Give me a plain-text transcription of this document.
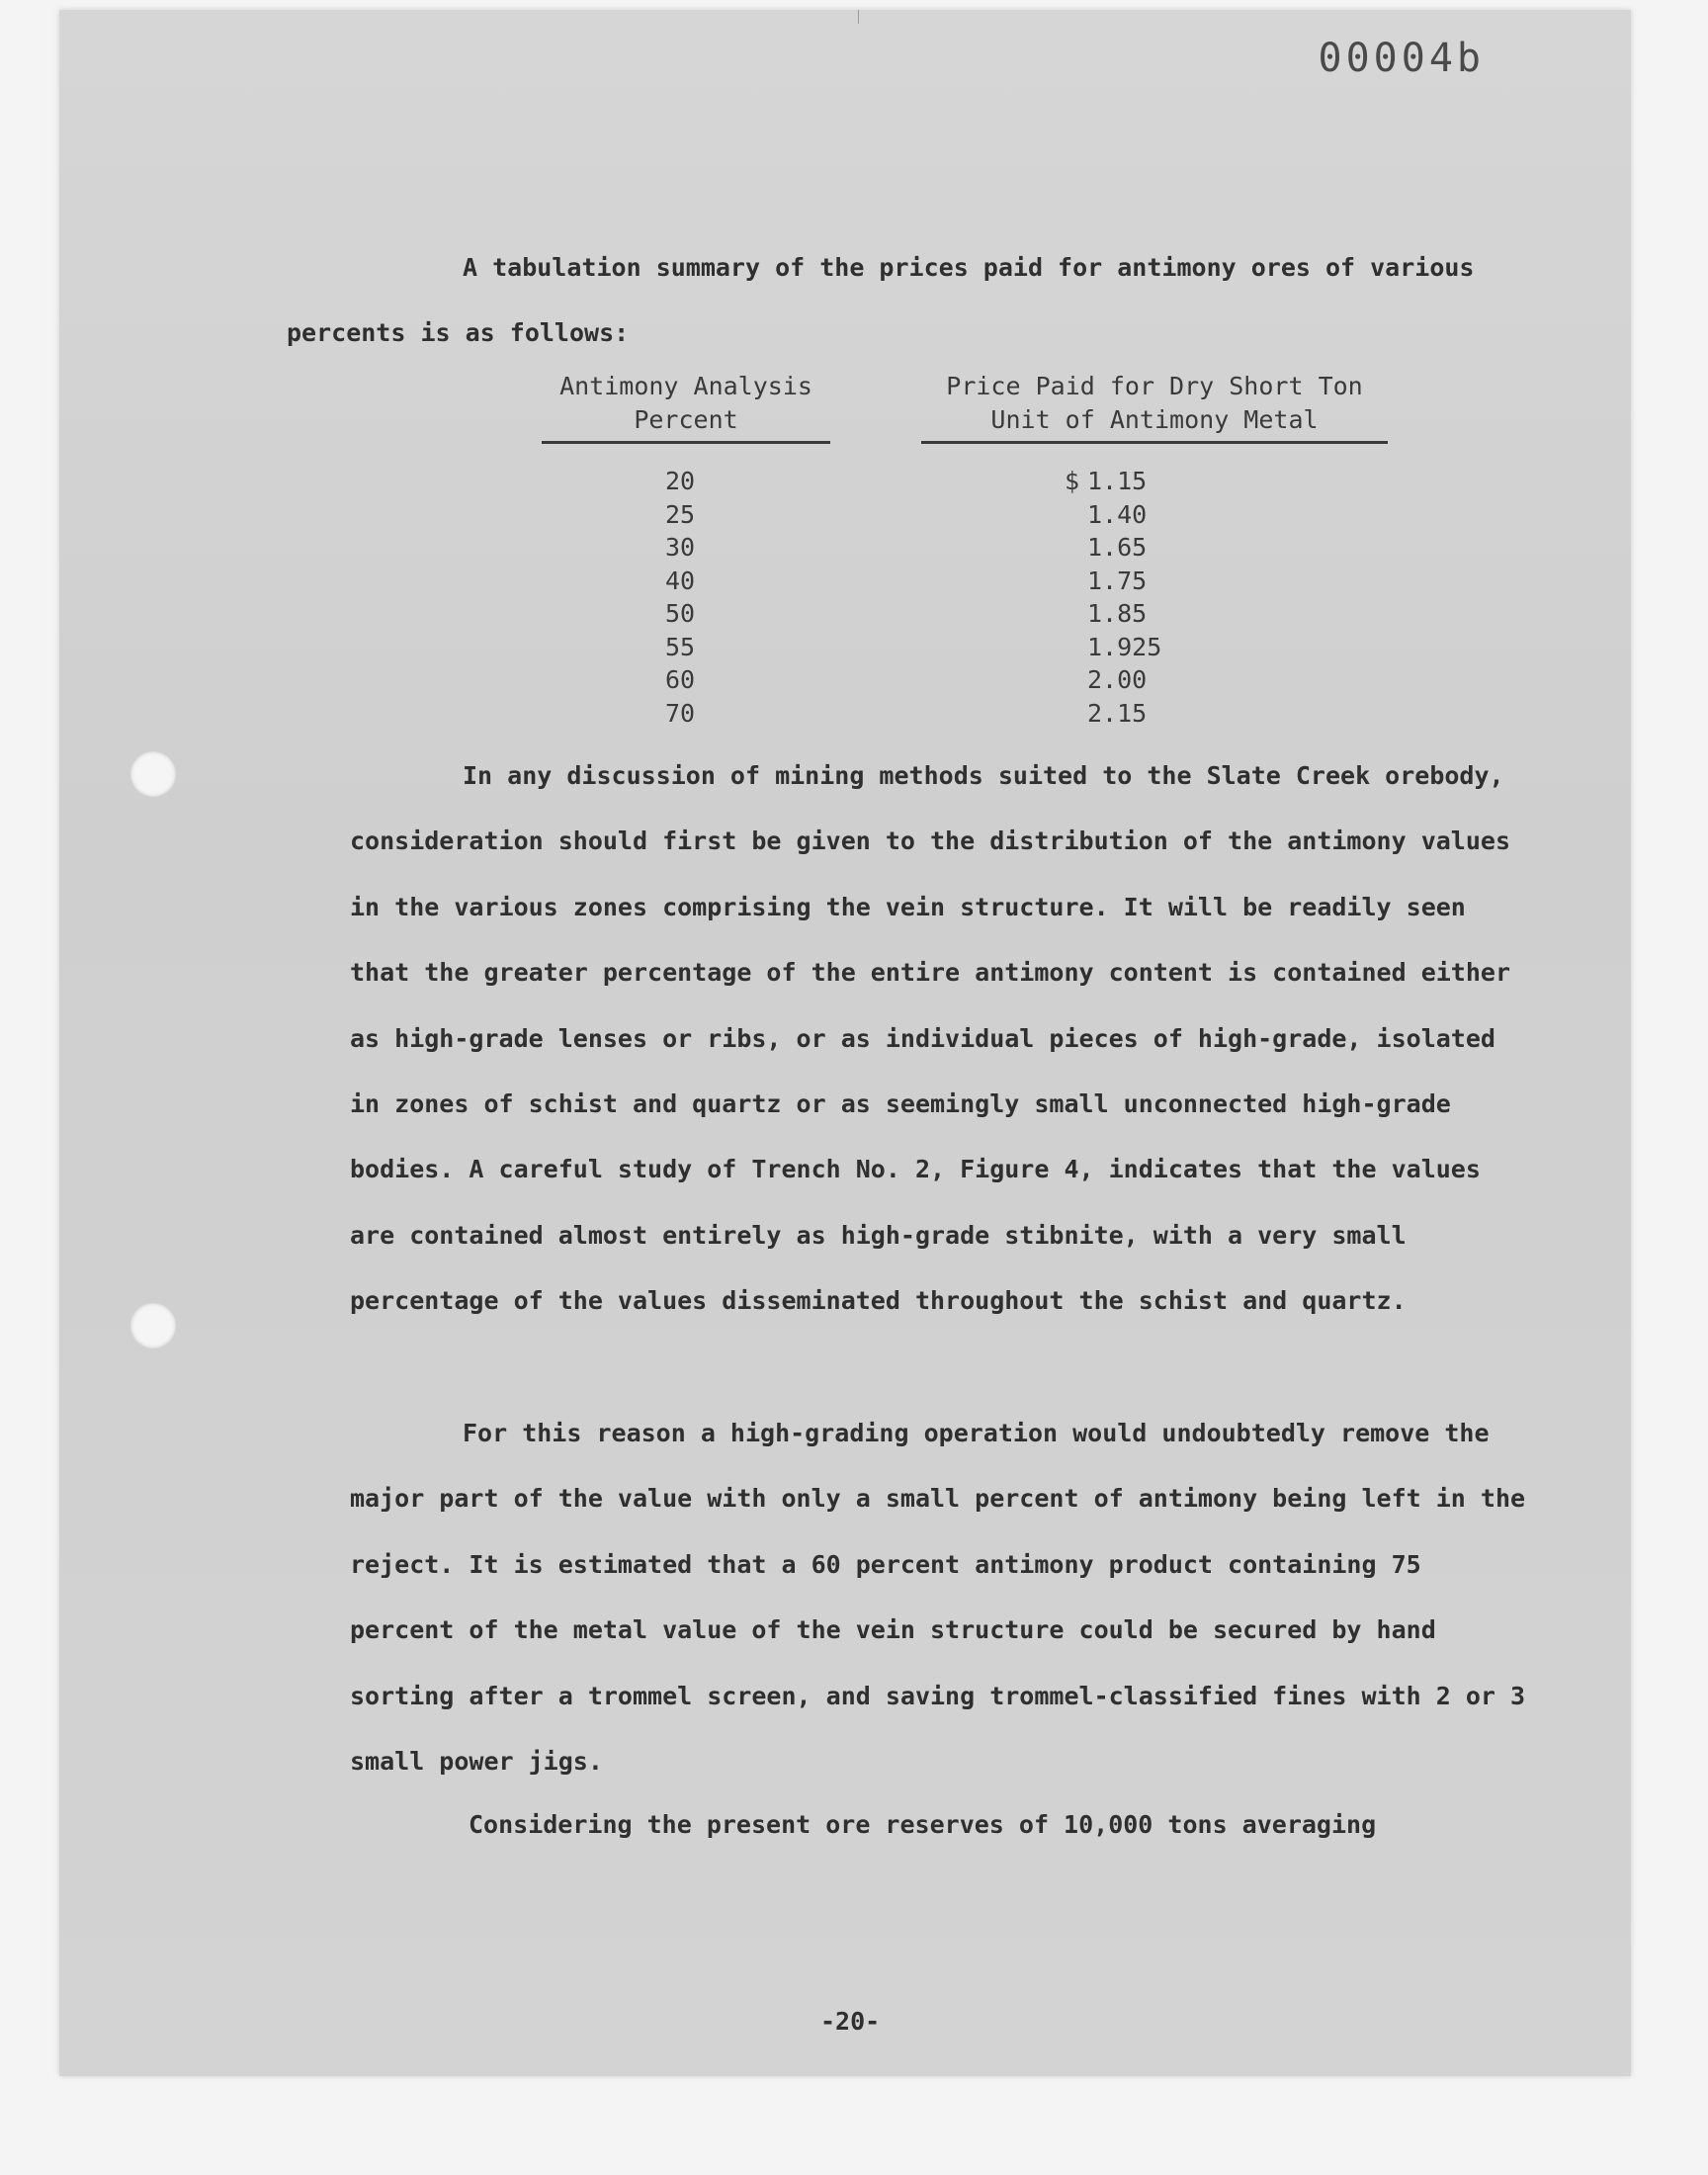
00004b

A tabulation summary of the prices paid for antimony ores of various percents is as follows:

Antimony Analysis
Percent
Price Paid for Dry Short Ton
Unit of Antimony Metal
20	$ 1.15
25	1.40
30	1.65
40	1.75
50	1.85
55	1.925
60	2.00
70	2.15

In any discussion of mining methods suited to the Slate Creek orebody, consideration should first be given to the distribution of the antimony values in the various zones comprising the vein structure. It will be readily seen that the greater percentage of the entire antimony content is contained either as high-grade lenses or ribs, or as individual pieces of high-grade, isolated in zones of schist and quartz or as seemingly small unconnected high-grade bodies. A careful study of Trench No. 2, Figure 4, indicates that the values are contained almost entirely as high-grade stibnite, with a very small percentage of the values disseminated throughout the schist and quartz.

For this reason a high-grading operation would undoubtedly remove the major part of the value with only a small percent of antimony being left in the reject. It is estimated that a 60 percent antimony product containing 75 percent of the metal value of the vein structure could be secured by hand sorting after a trommel screen, and saving trommel-classified fines with 2 or 3 small power jigs.

Considering the present ore reserves of 10,000 tons averaging

-20-
